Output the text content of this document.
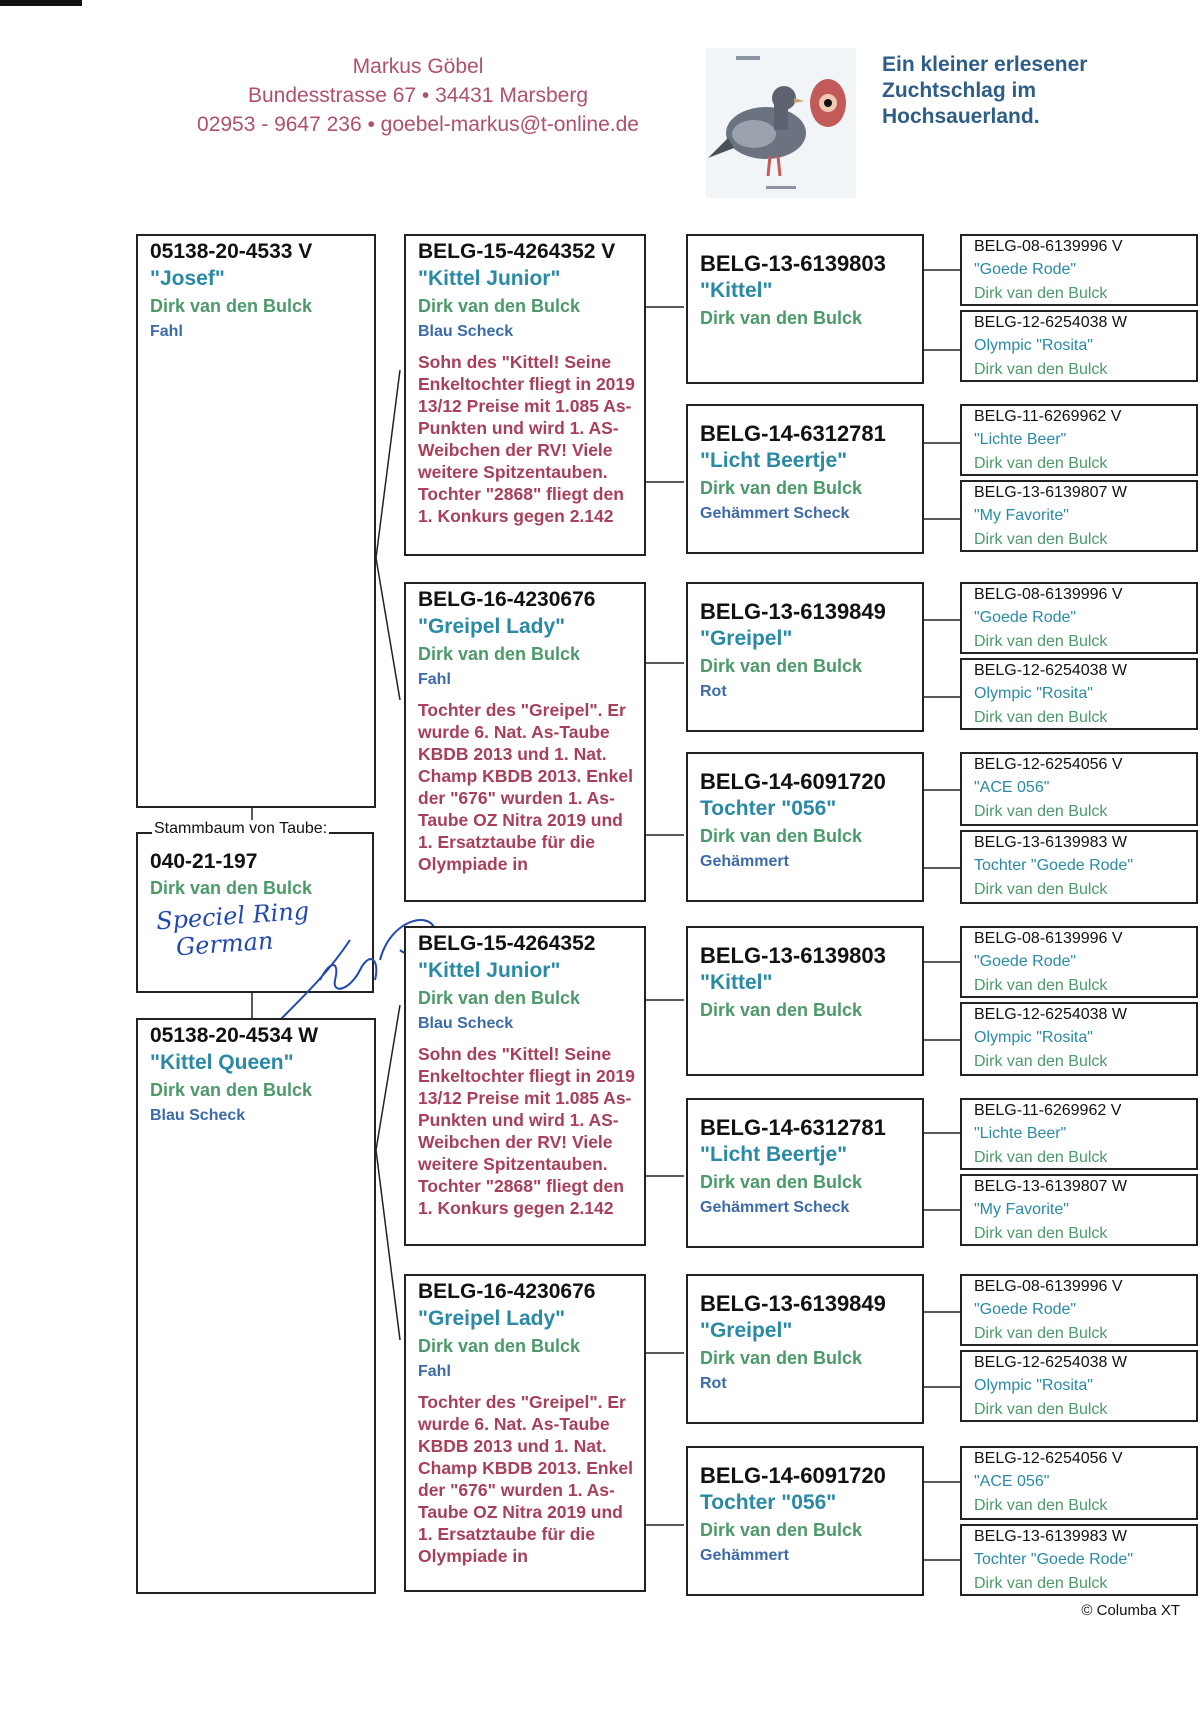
Markus Göbel
Bundesstrasse 67 • 34431 Marsberg
02953 - 9647 236 • goebel-markus@t-online.de
Ein kleiner erlesener
Zuchtschlag im
Hochsauerland.
05138-20-4533 V
"Josef"
Dirk van den Bulck
Fahl
040-21-197
Dirk van den Bulck
Stammbaum von Taube:
Speciel Ring
German
05138-20-4534 W
"Kittel Queen"
Dirk van den Bulck
Blau Scheck
BELG-15-4264352 V
"Kittel Junior"
Dirk van den Bulck
Blau Scheck
Sohn des "Kittel! Seine Enkeltochter fliegt in 2019 13/12 Preise mit 1.085 As-Punkten und wird 1. AS-Weibchen der RV! Viele weitere Spitzentauben. Tochter "2868" fliegt den 1. Konkurs gegen 2.142
BELG-16-4230676
"Greipel Lady"
Dirk van den Bulck
Fahl
Tochter des "Greipel". Er wurde 6. Nat. As-Taube KBDB 2013 und 1. Nat. Champ KBDB 2013. Enkel der "676" wurden 1. As-Taube OZ Nitra 2019 und 1. Ersatztaube für die Olympiade in
BELG-15-4264352
"Kittel Junior"
Dirk van den Bulck
Blau Scheck
Sohn des "Kittel! Seine Enkeltochter fliegt in 2019 13/12 Preise mit 1.085 As-Punkten und wird 1. AS-Weibchen der RV! Viele weitere Spitzentauben. Tochter "2868" fliegt den 1. Konkurs gegen 2.142
BELG-16-4230676
"Greipel Lady"
Dirk van den Bulck
Fahl
Tochter des "Greipel". Er wurde 6. Nat. As-Taube KBDB 2013 und 1. Nat. Champ KBDB 2013. Enkel der "676" wurden 1. As-Taube OZ Nitra 2019 und 1. Ersatztaube für die Olympiade in
BELG-13-6139803
"Kittel"
Dirk van den Bulck
BELG-14-6312781
"Licht Beertje"
Dirk van den Bulck
Gehämmert Scheck
BELG-13-6139849
"Greipel"
Dirk van den Bulck
Rot
BELG-14-6091720
Tochter "056"
Dirk van den Bulck
Gehämmert
BELG-13-6139803
"Kittel"
Dirk van den Bulck
BELG-14-6312781
"Licht Beertje"
Dirk van den Bulck
Gehämmert Scheck
BELG-13-6139849
"Greipel"
Dirk van den Bulck
Rot
BELG-14-6091720
Tochter "056"
Dirk van den Bulck
Gehämmert
BELG-08-6139996 V
"Goede Rode"
Dirk van den Bulck
BELG-12-6254038 W
Olympic "Rosita"
Dirk van den Bulck
BELG-11-6269962 V
"Lichte Beer"
Dirk van den Bulck
BELG-13-6139807 W
"My Favorite"
Dirk van den Bulck
BELG-08-6139996 V
"Goede Rode"
Dirk van den Bulck
BELG-12-6254038 W
Olympic "Rosita"
Dirk van den Bulck
BELG-12-6254056 V
"ACE 056"
Dirk van den Bulck
BELG-13-6139983 W
Tochter "Goede Rode"
Dirk van den Bulck
BELG-08-6139996 V
"Goede Rode"
Dirk van den Bulck
BELG-12-6254038 W
Olympic "Rosita"
Dirk van den Bulck
BELG-11-6269962 V
"Lichte Beer"
Dirk van den Bulck
BELG-13-6139807 W
"My Favorite"
Dirk van den Bulck
BELG-08-6139996 V
"Goede Rode"
Dirk van den Bulck
BELG-12-6254038 W
Olympic "Rosita"
Dirk van den Bulck
BELG-12-6254056 V
"ACE 056"
Dirk van den Bulck
BELG-13-6139983 W
Tochter "Goede Rode"
Dirk van den Bulck
© Columba XT
